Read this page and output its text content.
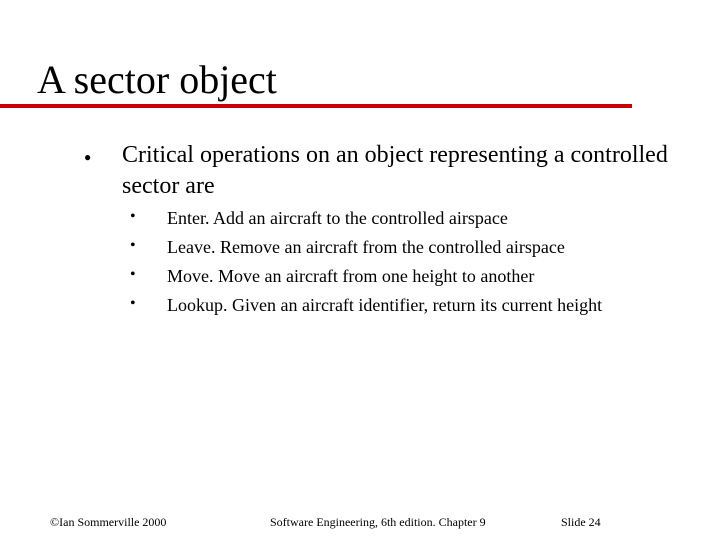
A sector object
● Critical operations on an object representing a controlled sector are
• Enter. Add an aircraft to the controlled airspace
• Leave. Remove an aircraft from the controlled airspace
• Move. Move an aircraft from one height to another
• Lookup. Given an aircraft identifier, return its current height
©Ian Sommerville 2000	Software Engineering, 6th edition. Chapter 9	Slide 24
